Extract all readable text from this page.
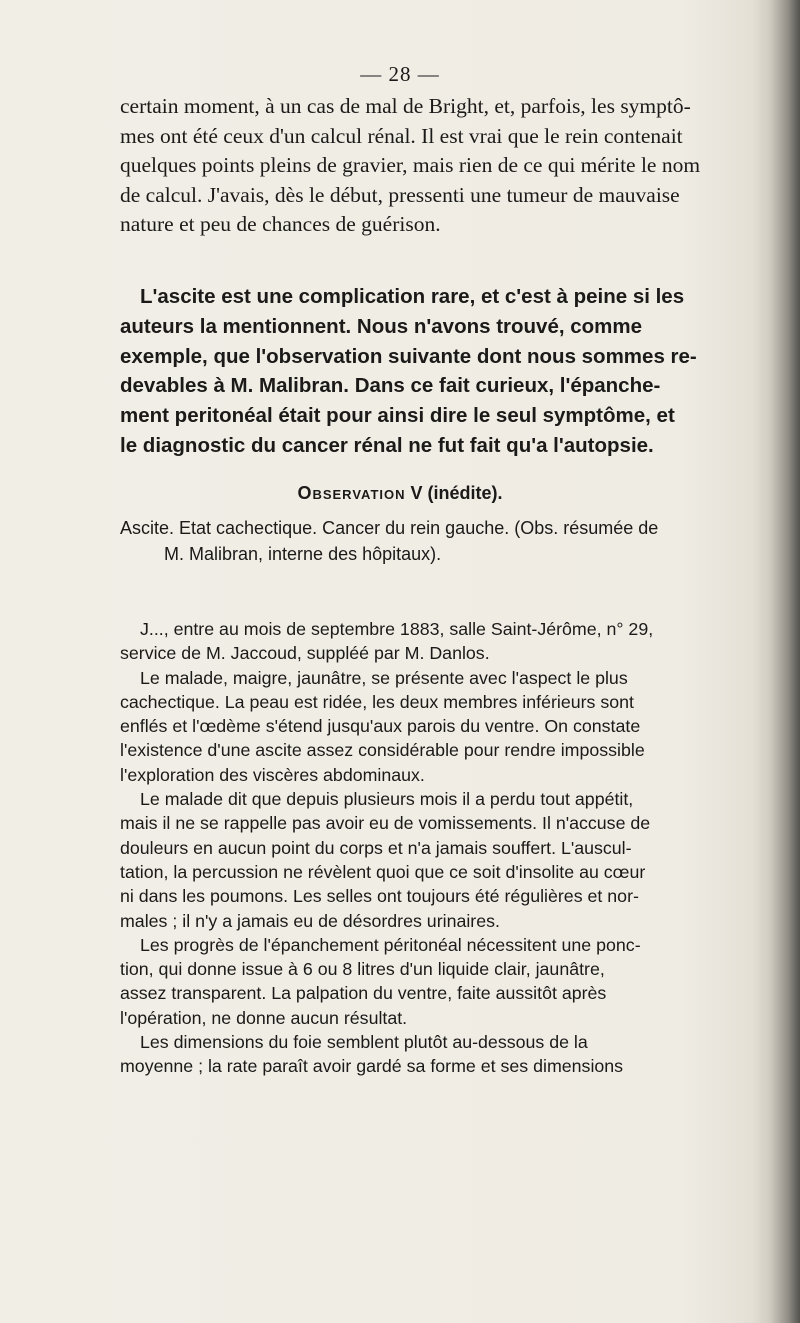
— 28 —
certain moment, à un cas de mal de Bright, et, parfois, les symptô-
mes ont été ceux d'un calcul rénal. Il est vrai que le rein contenait
quelques points pleins de gravier, mais rien de ce qui mérite le nom
de calcul. J'avais, dès le début, pressenti une tumeur de mauvaise
nature et peu de chances de guérison.
L'ascite est une complication rare, et c'est à peine si les
auteurs la mentionnent. Nous n'avons trouvé, comme
exemple, que l'observation suivante dont nous sommes re-
devables à M. Malibran. Dans ce fait curieux, l'épanche-
ment peritonéal était pour ainsi dire le seul symptôme, et
le diagnostic du cancer rénal ne fut fait qu'a l'autopsie.
Observation V (inédite).
Ascite. Etat cachectique. Cancer du rein gauche. (Obs. résumée de
M. Malibran, interne des hôpitaux).
J..., entre au mois de septembre 1883, salle Saint-Jérôme, n° 29,
service de M. Jaccoud, suppléé par M. Danlos.
Le malade, maigre, jaunâtre, se présente avec l'aspect le plus
cachectique. La peau est ridée, les deux membres inférieurs sont
enflés et l'œdème s'étend jusqu'aux parois du ventre. On constate
l'existence d'une ascite assez considérable pour rendre impossible
l'exploration des viscères abdominaux.
Le malade dit que depuis plusieurs mois il a perdu tout appétit,
mais il ne se rappelle pas avoir eu de vomissements. Il n'accuse de
douleurs en aucun point du corps et n'a jamais souffert. L'auscul-
tation, la percussion ne révèlent quoi que ce soit d'insolite au cœur
ni dans les poumons. Les selles ont toujours été régulières et nor-
males ; il n'y a jamais eu de désordres urinaires.
Les progrès de l'épanchement péritonéal nécessitent une ponc-
tion, qui donne issue à 6 ou 8 litres d'un liquide clair, jaunâtre,
assez transparent. La palpation du ventre, faite aussitôt après
l'opération, ne donne aucun résultat.
Les dimensions du foie semblent plutôt au-dessous de la
moyenne ; la rate paraît avoir gardé sa forme et ses dimensions
